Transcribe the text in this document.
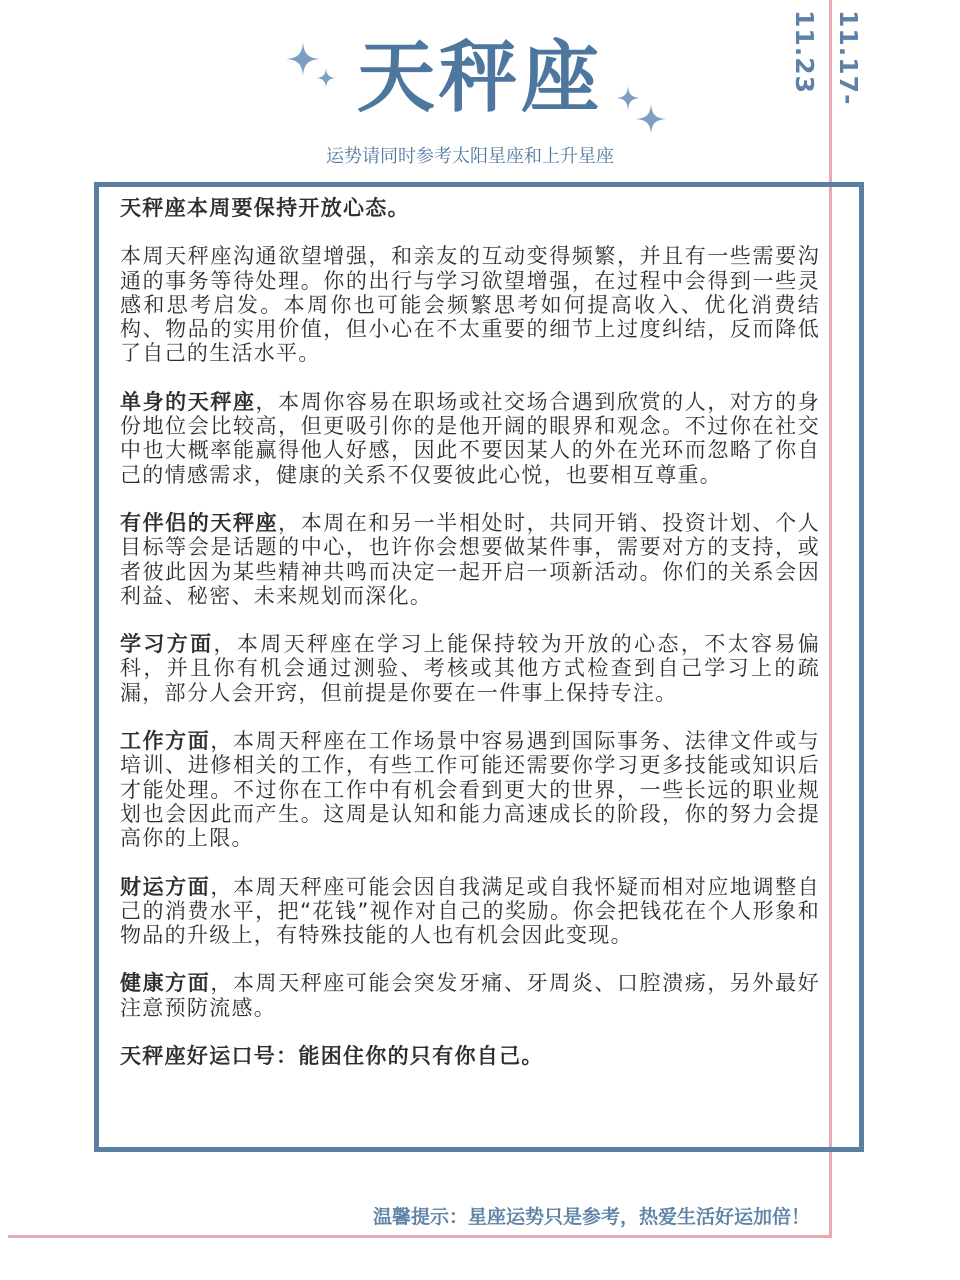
11.17-11.23
天秤座
运势请同时参考太阳星座和上升星座

天秤座本周要保持开放心态。

本周天秤座沟通欲望增强，和亲友的互动变得频繁，并且有一些需要沟通的事务等待处理。你的出行与学习欲望增强，在过程中会得到一些灵感和思考启发。本周你也可能会频繁思考如何提高收入、优化消费结构、物品的实用价值，但小心在不太重要的细节上过度纠结，反而降低了自己的生活水平。

单身的天秤座，本周你容易在职场或社交场合遇到欣赏的人，对方的身份地位会比较高，但更吸引你的是他开阔的眼界和观念。不过你在社交中也大概率能赢得他人好感，因此不要因某人的外在光环而忽略了你自己的情感需求，健康的关系不仅要彼此心悦，也要相互尊重。

有伴侣的天秤座，本周在和另一半相处时，共同开销、投资计划、个人目标等会是话题的中心，也许你会想要做某件事，需要对方的支持，或者彼此因为某些精神共鸣而决定一起开启一项新活动。你们的关系会因利益、秘密、未来规划而深化。

学习方面，本周天秤座在学习上能保持较为开放的心态，不太容易偏科，并且你有机会通过测验、考核或其他方式检查到自己学习上的疏漏，部分人会开窍，但前提是你要在一件事上保持专注。

工作方面，本周天秤座在工作场景中容易遇到国际事务、法律文件或与培训、进修相关的工作，有些工作可能还需要你学习更多技能或知识后才能处理。不过你在工作中有机会看到更大的世界，一些长远的职业规划也会因此而产生。这周是认知和能力高速成长的阶段，你的努力会提高你的上限。

财运方面，本周天秤座可能会因自我满足或自我怀疑而相对应地调整自己的消费水平，把“花钱”视作对自己的奖励。你会把钱花在个人形象和物品的升级上，有特殊技能的人也有机会因此变现。

健康方面，本周天秤座可能会突发牙痛、牙周炎、口腔溃疡，另外最好注意预防流感。

天秤座好运口号：能困住你的只有你自己。

温馨提示：星座运势只是参考，热爱生活好运加倍！
